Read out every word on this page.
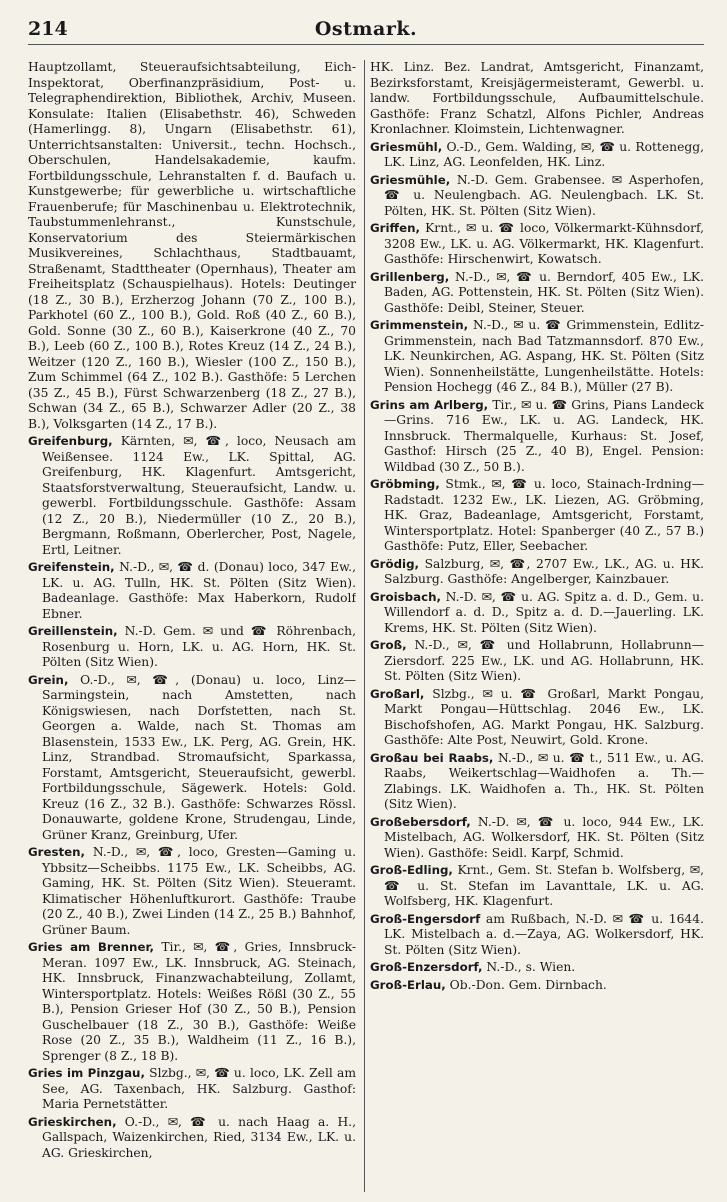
214	Ostmark.

Hauptzollamt, Steueraufsichtsabteilung, Eich-Inspektorat, Oberfinanzpräsidium, Post- u. Telegraphendirektion, Bibliothek, Archiv, Museen. Konsulate: Italien (Elisabethstr. 46), Schweden (Hamerlingg. 8), Ungarn (Elisabethstr. 61), Unterrichtsanstalten: Universit., techn. Hochsch., Oberschulen, Handelsakademie, kaufm. Fortbildungsschule, Lehranstalten f. d. Baufach u. Kunstgewerbe; für gewerbliche u. wirtschaftliche Frauenberufe; für Maschinenbau u. Elektrotechnik, Taubstummenlehranst., Kunstschule, Konservatorium des Steiermärkischen Musikvereines, Schlachthaus, Stadtbauamt, Straßenamt, Stadttheater (Opernhaus), Theater am Freiheitsplatz (Schauspielhaus). Hotels: Deutinger (18 Z., 30 B.), Erzherzog Johann (70 Z., 100 B.), Parkhotel (60 Z., 100 B.), Gold. Roß (40 Z., 60 B.), Gold. Sonne (30 Z., 60 B.), Kaiserkrone (40 Z., 70 B.), Leeb (60 Z., 100 B.), Rotes Kreuz (14 Z., 24 B.), Weitzer (120 Z., 160 B.), Wiesler (100 Z., 150 B.), Zum Schimmel (64 Z., 102 B.). Gasthöfe: 5 Lerchen (35 Z., 45 B.), Fürst Schwarzenberg (18 Z., 27 B.), Schwan (34 Z., 65 B.), Schwarzer Adler (20 Z., 38 B.), Volksgarten (14 Z., 17 B.).

Greifenburg, Kärnten, ✉, ☎, loco, Neusach am Weißensee. 1124 Ew., LK. Spittal, AG. Greifenburg, HK. Klagenfurt. Amtsgericht, Staatsforstverwaltung, Steueraufsicht, Landw. u. gewerbl. Fortbildungsschule. Gasthöfe: Assam (12 Z., 20 B.), Niedermüller (10 Z., 20 B.), Bergmann, Roßmann, Oberlercher, Post, Nagele, Ertl, Leitner.

Greifenstein, N.-D., ✉, ☎ d. (Donau) loco, 347 Ew., LK. u. AG. Tulln, HK. St. Pölten (Sitz Wien). Badeanlage. Gasthöfe: Max Haberkorn, Rudolf Ebner.

Greillenstein, N.-D. Gem. ✉ und ☎ Röhrenbach, Rosenburg u. Horn, LK. u. AG. Horn, HK. St. Pölten (Sitz Wien).

Grein, O.-D., ✉, ☎, (Donau) u. loco, Linz—Sarmingstein, nach Amstetten, nach Königswiesen, nach Dorfstetten, nach St. Georgen a. Walde, nach St. Thomas am Blasenstein, 1533 Ew., LK. Perg, AG. Grein, HK. Linz, Strandbad. Stromaufsicht, Sparkassa, Forstamt, Amtsgericht, Steueraufsicht, gewerbl. Fortbildungsschule, Sägewerk. Hotels: Gold. Kreuz (16 Z., 32 B.). Gasthöfe: Schwarzes Rössl. Donauwarte, goldene Krone, Strudengau, Linde, Grüner Kranz, Greinburg, Ufer.

Gresten, N.-D., ✉, ☎, loco, Gresten—Gaming u. Ybbsitz—Scheibbs. 1175 Ew., LK. Scheibbs, AG. Gaming, HK. St. Pölten (Sitz Wien). Steueramt. Klimatischer Höhenluftkurort. Gasthöfe: Traube (20 Z., 40 B.), Zwei Linden (14 Z., 25 B.) Bahnhof, Grüner Baum.

Gries am Brenner, Tir., ✉, ☎, Gries, Innsbruck-Meran. 1097 Ew., LK. Innsbruck, AG. Steinach, HK. Innsbruck, Finanzwachabteilung, Zollamt, Wintersportplatz. Hotels: Weißes Rößl (30 Z., 55 B.), Pension Grieser Hof (30 Z., 50 B.), Pension Guschelbauer (18 Z., 30 B.), Gasthöfe: Weiße Rose (20 Z., 35 B.), Waldheim (11 Z., 16 B.), Sprenger (8 Z., 18 B).

Gries im Pinzgau, Slzbg., ✉, ☎ u. loco, LK. Zell am See, AG. Taxenbach, HK. Salzburg. Gasthof: Maria Pernetstätter.

Grieskirchen, O.-D., ✉, ☎ u. nach Haag a. H., Gallspach, Waizenkirchen, Ried, 3134 Ew., LK. u. AG. Grieskirchen,

HK. Linz. Bez. Landrat, Amtsgericht, Finanzamt, Bezirksforstamt, Kreisjägermeisteramt, Gewerbl. u. landw. Fortbildungsschule, Aufbaumittelschule. Gasthöfe: Franz Schatzl, Alfons Pichler, Andreas Kronlachner. Kloimstein, Lichtenwagner.

Griesmühl, O.-D., Gem. Walding, ✉, ☎ u. Rottenegg, LK. Linz, AG. Leonfelden, HK. Linz.

Griesmühle, N.-D. Gem. Grabensee. ✉ Asperhofen, ☎ u. Neulengbach. AG. Neulengbach. LK. St. Pölten, HK. St. Pölten (Sitz Wien).

Griffen, Krnt., ✉ u. ☎ loco, Völkermarkt-Kühnsdorf, 3208 Ew., LK. u. AG. Völkermarkt, HK. Klagenfurt. Gasthöfe: Hirschenwirt, Kowatsch.

Grillenberg, N.-D., ✉, ☎ u. Berndorf, 405 Ew., LK. Baden, AG. Pottenstein, HK. St. Pölten (Sitz Wien). Gasthöfe: Deibl, Steiner, Steuer.

Grimmenstein, N.-D., ✉ u. ☎ Grimmenstein, Edlitz-Grimmenstein, nach Bad Tatzmannsdorf. 870 Ew., LK. Neunkirchen, AG. Aspang, HK. St. Pölten (Sitz Wien). Sonnenheilstätte, Lungenheilstätte. Hotels: Pension Hochegg (46 Z., 84 B.), Müller (27 B).

Grins am Arlberg, Tir., ✉ u. ☎ Grins, Pians Landeck—Grins. 716 Ew., LK. u. AG. Landeck, HK. Innsbruck. Thermalquelle, Kurhaus: St. Josef, Gasthof: Hirsch (25 Z., 40 B), Engel. Pension: Wildbad (30 Z., 50 B.).

Gröbming, Stmk., ✉, ☎ u. loco, Stainach-Irdning—Radstadt. 1232 Ew., LK. Liezen, AG. Gröbming, HK. Graz, Badeanlage, Amtsgericht, Forstamt, Wintersportplatz. Hotel: Spanberger (40 Z., 57 B.) Gasthöfe: Putz, Eller, Seebacher.

Grödig, Salzburg, ✉, ☎, 2707 Ew., LK., AG. u. HK. Salzburg. Gasthöfe: Angelberger, Kainzbauer.

Groisbach, N.-D. ✉, ☎ u. AG. Spitz a. d. D., Gem. u. Willendorf a. d. D., Spitz a. d. D.—Jauerling. LK. Krems, HK. St. Pölten (Sitz Wien).

Groß, N.-D., ✉, ☎ und Hollabrunn, Hollabrunn—Ziersdorf. 225 Ew., LK. und AG. Hollabrunn, HK. St. Pölten (Sitz Wien).

Großarl, Slzbg., ✉ u. ☎ Großarl, Markt Pongau, Markt Pongau—Hüttschlag. 2046 Ew., LK. Bischofshofen, AG. Markt Pongau, HK. Salzburg. Gasthöfe: Alte Post, Neuwirt, Gold. Krone.

Großau bei Raabs, N.-D., ✉ u. ☎ t., 511 Ew., u. AG. Raabs, Weikertschlag—Waidhofen a. Th.—Zlabings. LK. Waidhofen a. Th., HK. St. Pölten (Sitz Wien).

Großebersdorf, N.-D. ✉, ☎ u. loco, 944 Ew., LK. Mistelbach, AG. Wolkersdorf, HK. St. Pölten (Sitz Wien). Gasthöfe: Seidl. Karpf, Schmid.

Groß-Edling, Krnt., Gem. St. Stefan b. Wolfsberg, ✉, ☎ u. St. Stefan im Lavanttale, LK. u. AG. Wolfsberg, HK. Klagenfurt.

Groß-Engersdorf am Rußbach, N.-D. ✉ ☎ u. 1644. LK. Mistelbach a. d.—Zaya, AG. Wolkersdorf, HK. St. Pölten (Sitz Wien).

Groß-Enzersdorf, N.-D., s. Wien.

Groß-Erlau, Ob.-Don. Gem. Dirnbach.
